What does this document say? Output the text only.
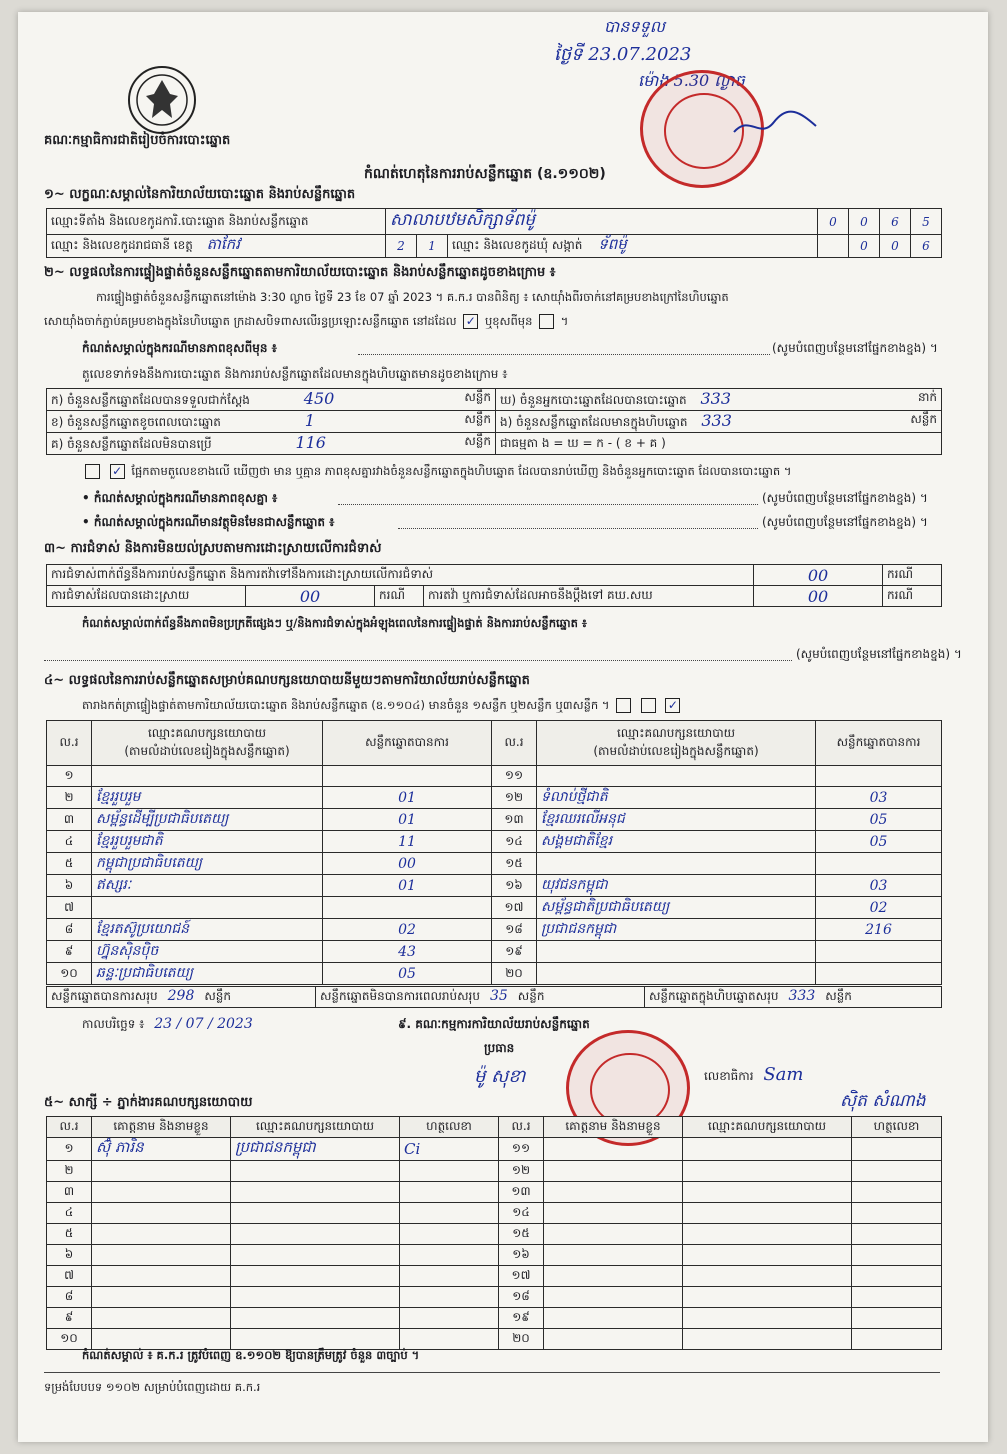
គណៈកម្មាធិការជាតិរៀបចំការបោះឆ្នោត
បានទទួល
ថ្ងៃទី 23.07.2023
ម៉ោង 5.30 ល្ងាច
កំណត់ហេតុនៃការរាប់សន្លឹកឆ្នោត (ឧ.១១០២)
១~ លក្ខណៈសម្គាល់នៃការិយាល័យបោះឆ្នោត និងរាប់សន្លឹកឆ្នោត
ឈ្មោះទីតាំង និងលេខកូដការិ.បោះឆ្នោត និងរាប់សន្លឹកឆ្នោត	សាលាបឋមសិក្សាទ័ពម៉ូ			0	0	6	5
ឈ្មោះ និងលេខកូដរាជធានី ខេត្ត តាកែវ	2	1	ឈ្មោះ និងលេខកូដឃុំ សង្កាត់ ទ័ពម៉ូ		0	0	6
២~ លទ្ធផលនៃការផ្ទៀងផ្ទាត់ចំនួនសន្លឹកឆ្នោតតាមការិយាល័យបោះឆ្នោត និងរាប់សន្លឹកឆ្នោតដូចខាងក្រោម ៖
ការផ្ទៀងផ្ទាត់ចំនួនសន្លឹកឆ្នោតនៅម៉ោង 3:30 ល្ងាច ថ្ងៃទី 23 ខែ 07 ឆ្នាំ 2023 ។ គ.ក.រ បានពិនិត្យ ៖ សោយ៉ាំងពីរចាក់នៅគម្របខាងក្រៅនៃហិបឆ្នោត
សោយ៉ាំងចាក់ភ្ជាប់គម្របខាងក្នុងនៃហិបឆ្នោត ក្រដាសបិទពាសលើរន្ធប្រឡោះសន្លឹកឆ្នោត នៅដដែល ✓ ឬខុសពីមុន  ។
កំណត់សម្គាល់ក្នុងករណីមានភាពខុសពីមុន ៖	(សូមបំពេញបន្ថែមនៅផ្នែកខាងខ្នង) ។
តួលេខទាក់ទងនឹងការបោះឆ្នោត និងការរាប់សន្លឹកឆ្នោតដែលមានក្នុងហិបឆ្នោតមានដូចខាងក្រោម ៖
ក) ចំនួនសន្លឹកឆ្នោតដែលបានទទួលជាក់ស្តែង 450 សន្លឹក	ឃ) ចំនួនអ្នកបោះឆ្នោតដែលបានបោះឆ្នោត 333 នាក់

ខ) ចំនួនសន្លឹកឆ្នោតខូចពេលបោះឆ្នោត 1 សន្លឹក	ង) ចំនួនសន្លឹកឆ្នោតដែលមានក្នុងហិបឆ្នោត 333 សន្លឹក

គ) ចំនួនសន្លឹកឆ្នោតដែលមិនបានប្រើ 116 សន្លឹក	ជាធម្មតា ង = ឃ = ក - ( ខ + គ )
✓ ផ្អែកតាមតួលេខខាងលើ ឃើញថា មាន ឬគ្មាន ភាពខុសគ្នារវាងចំនួនសន្លឹកឆ្នោតក្នុងហិបឆ្នោត ដែលបានរាប់ឃើញ និងចំនួនអ្នកបោះឆ្នោត ដែលបានបោះឆ្នោត ។
• កំណត់សម្គាល់ក្នុងករណីមានភាពខុសគ្នា ៖	(សូមបំពេញបន្ថែមនៅផ្នែកខាងខ្នង) ។
• កំណត់សម្គាល់ក្នុងករណីមានវត្ថុមិនមែនជាសន្លឹកឆ្នោត ៖	(សូមបំពេញបន្ថែមនៅផ្នែកខាងខ្នង) ។
៣~ ការជំទាស់ និងការមិនយល់ស្របតាមការដោះស្រាយលើការជំទាស់
ការជំទាស់ពាក់ព័ន្ធនឹងការរាប់សន្លឹកឆ្នោត និងការតវ៉ាទៅនឹងការដោះស្រាយលើការជំទាស់				00	ករណី
ការជំទាស់ដែលបានដោះស្រាយ	00	ករណី	ការតវ៉ា ឬការជំទាស់ដែលអាចនឹងប្តឹងទៅ គឃ.សឃ	00	ករណី
កំណត់សម្គាល់ពាក់ព័ន្ធនឹងភាពមិនប្រក្រតីផ្សេងៗ ឬ/និងការជំទាស់ក្នុងអំឡុងពេលនៃការផ្ទៀងផ្ទាត់ និងការរាប់សន្លឹកឆ្នោត ៖
(សូមបំពេញបន្ថែមនៅផ្នែកខាងខ្នង) ។
៤~ លទ្ធផលនៃការរាប់សន្លឹកឆ្នោតសម្រាប់គណបក្សនយោបាយនីមួយៗតាមការិយាល័យរាប់សន្លឹកឆ្នោត
តារាងកត់ត្រាផ្ទៀងផ្ទាត់តាមការិយាល័យបោះឆ្នោត និងរាប់សន្លឹកឆ្នោត (ឧ.១១០៤) មានចំនួន ១សន្លឹក ឬ២សន្លឹក ឬ៣សន្លឹក ។	✓
ល.រ	ឈ្មោះគណបក្សនយោបាយ
(តាមលំដាប់លេខរៀងក្នុងសន្លឹកឆ្នោត)	សន្លឹកឆ្នោតបានការ	ល.រ	ឈ្មោះគណបក្សនយោបាយ
(តាមលំដាប់លេខរៀងក្នុងសន្លឹកឆ្នោត)	សន្លឹកឆ្នោតបានការ
១			១១		
២	ខ្មែររួបរួម	01	១២	ទំលាប់ថ្មីជាតិ	03
៣	សម្ព័ន្ធដើម្បីប្រជាធិបតេយ្យ	01	១៣	ខ្មែរឈរលើអនុជ	05
៤	ខ្មែររួបរួមជាតិ	11	១៤	សង្គមជាតិខ្មែរ	05
៥	កម្ពុជាប្រជាធិបតេយ្យ	00	១៥		
៦	ឥស្សរៈ	01	១៦	យុវជនកម្ពុជា	03
៧			១៧	សម្ព័ន្ធជាតិប្រជាធិបតេយ្យ	02
៨	ខ្មែរតស៊ូប្រយោជន៍	02	១៨	ប្រជាជនកម្ពុជា	216
៩	ហ្វ៊ុនស៊ិនប៉ិច	43	១៩		
១០	ឆន្ទៈប្រជាធិបតេយ្យ	05	២០		
សន្លឹកឆ្នោតបានការសរុប 298 សន្លឹក	សន្លឹកឆ្នោតមិនបានការពេលរាប់សរុប 35 សន្លឹក	សន្លឹកឆ្នោតក្នុងហិបឆ្នោតសរុប 333 សន្លឹក
កាលបរិច្ឆេទ ៖ 23 / 07 / 2023	៩. គណៈកម្មការការិយាល័យរាប់សន្លឹកឆ្នោត
ប្រធាន
ម៉ូ សុខា	លេខាធិការ Sam
ស៊ិត សំណាង
៥~ សាក្សី ÷ ភ្នាក់ងារគណបក្សនយោបាយ
ល.រ	គោត្តនាម និងនាមខ្លួន	ឈ្មោះគណបក្សនយោបាយ	ហត្ថលេខា	ល.រ	គោត្តនាម និងនាមខ្លួន	ឈ្មោះគណបក្សនយោបាយ	ហត្ថលេខា
១	ស៊ុំ ភារិន	ប្រជាជនកម្ពុជា	Ci	១១			
២				១២			
៣				១៣			
៤				១៤			
៥				១៥			
៦				១៦			
៧				១៧			
៨				១៨			
៩				១៩			
១០				២០			
កំណត់សម្គាល់ ៖ គ.ក.រ ត្រូវបំពេញ ឧ.១១០២ ឱ្យបានត្រឹមត្រូវ ចំនួន ៣ច្បាប់ ។
ទម្រង់បែបបទ ១១០២ សម្រាប់បំពេញដោយ គ.ក.រ
